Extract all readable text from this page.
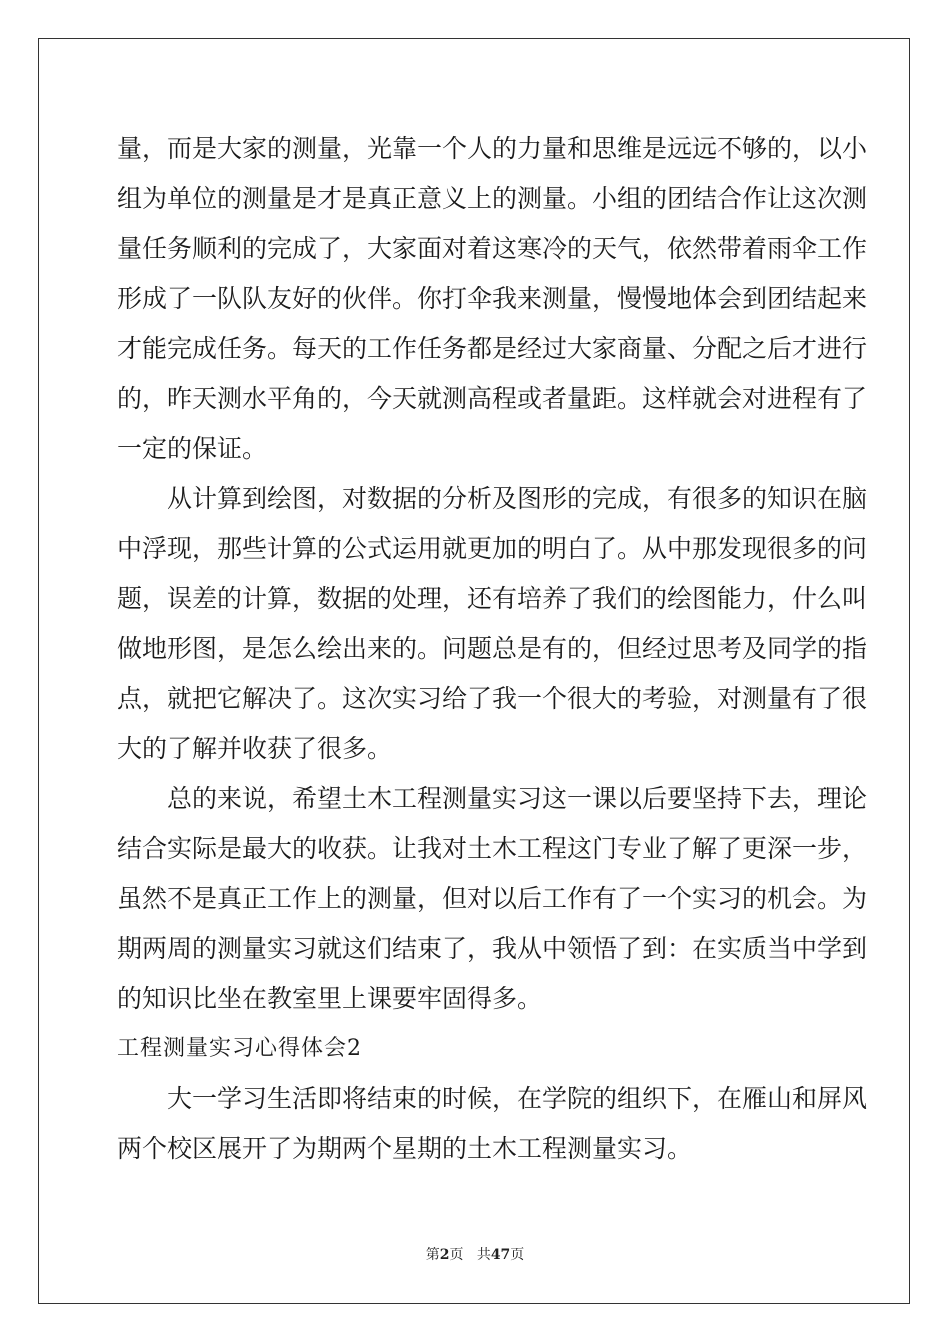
量，而是大家的测量，光靠一个人的力量和思维是远远不够的，以小
组为单位的测量是才是真正意义上的测量。小组的团结合作让这次测
量任务顺利的完成了，大家面对着这寒冷的天气，依然带着雨伞工作
形成了一队队友好的伙伴。你打伞我来测量，慢慢地体会到团结起来
才能完成任务。每天的工作任务都是经过大家商量、分配之后才进行
的，昨天测水平角的，今天就测高程或者量距。这样就会对进程有了
一定的保证。
从计算到绘图，对数据的分析及图形的完成，有很多的知识在脑
中浮现，那些计算的公式运用就更加的明白了。从中那发现很多的问
题，误差的计算，数据的处理，还有培养了我们的绘图能力，什么叫
做地形图，是怎么绘出来的。问题总是有的，但经过思考及同学的指
点，就把它解决了。这次实习给了我一个很大的考验，对测量有了很
大的了解并收获了很多。
总的来说，希望土木工程测量实习这一课以后要坚持下去，理论
结合实际是最大的收获。让我对土木工程这门专业了解了更深一步，
虽然不是真正工作上的测量，但对以后工作有了一个实习的机会。为
期两周的测量实习就这们结束了，我从中领悟了到：在实质当中学到
的知识比坐在教室里上课要牢固得多。
工程测量实习心得体会2
大一学习生活即将结束的时候，在学院的组织下，在雁山和屏风
两个校区展开了为期两个星期的土木工程测量实习。
第2页 共47页
